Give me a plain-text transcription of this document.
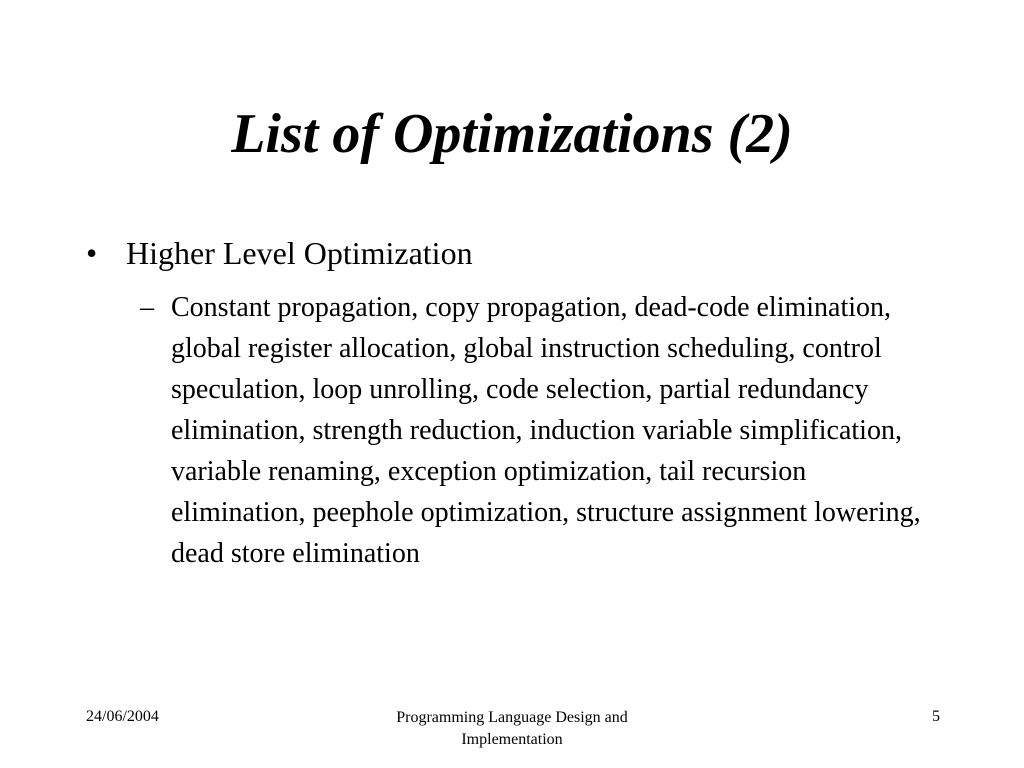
List of Optimizations (2)
• Higher Level Optimization
– Constant propagation, copy propagation, dead-code elimination, global register allocation, global instruction scheduling, control speculation, loop unrolling, code selection, partial redundancy elimination, strength reduction, induction variable simplification, variable renaming, exception optimization, tail recursion elimination, peephole optimization, structure assignment lowering, dead store elimination
24/06/2004	Programming Language Design and Implementation
5
